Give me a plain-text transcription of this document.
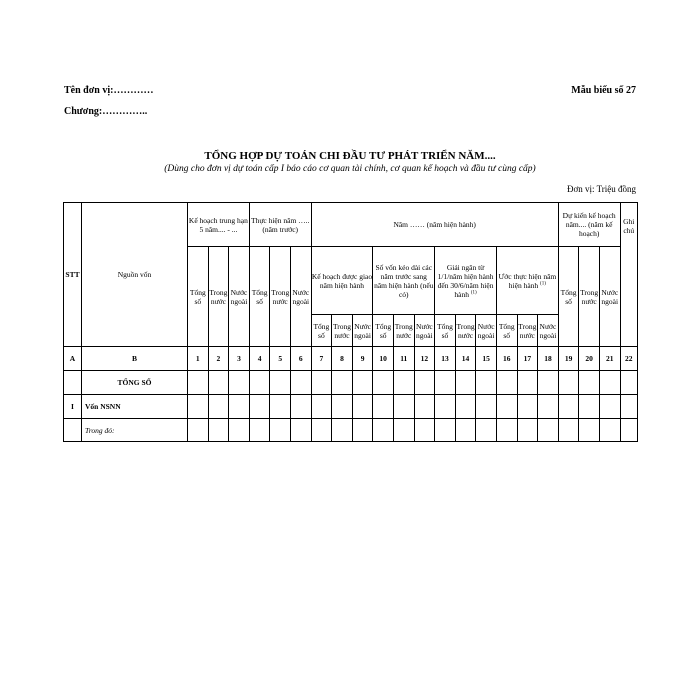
Tên đơn vị:…………
Chương:…………..
Mẫu biểu số 27
TỔNG HỢP DỰ TOÁN CHI ĐẦU TƯ PHÁT TRIỂN NĂM....
(Dùng cho đơn vị dự toán cấp I báo cáo cơ quan tài chính, cơ quan kế hoạch và đầu tư cùng cấp)
Đơn vị: Triệu đồng
STT	Nguồn vốn	Kế hoạch trung hạn 5 năm.... - ...			Thực hiện năm ….. (năm trước)			Năm …… (năm hiện hành)												Dự kiến kế hoạch năm.... (năm kế hoạch)			Ghi chú
		Tổng số	Trong nước	Nước ngoài	Tổng số	Trong nước	Nước ngoài	Kế hoạch được giao năm hiện hành			Số vốn kéo dài các năm trước sang năm hiện hành (nếu có)			Giải ngân từ 1/1/năm hiện hành đến 30/6/năm hiện hành $^{(1)}$			Ước thực hiện năm hiện hành $^{(1)}$			Tổng số	Trong nước	Nước ngoài	
								Tổng số	Trong nước	Nước ngoài	Tổng số	Trong nước	Nước ngoài	Tổng số	Trong nước	Nước ngoài	Tổng số	Trong nước	Nước ngoài				
A	B	1	2	3	4	5	6	7	8	9	10	11	12	13	14	15	16	17	18	19	20	21	22
	TỔNG SỐ																						
I	Vốn NSNN																						
	Trong đó:																						
